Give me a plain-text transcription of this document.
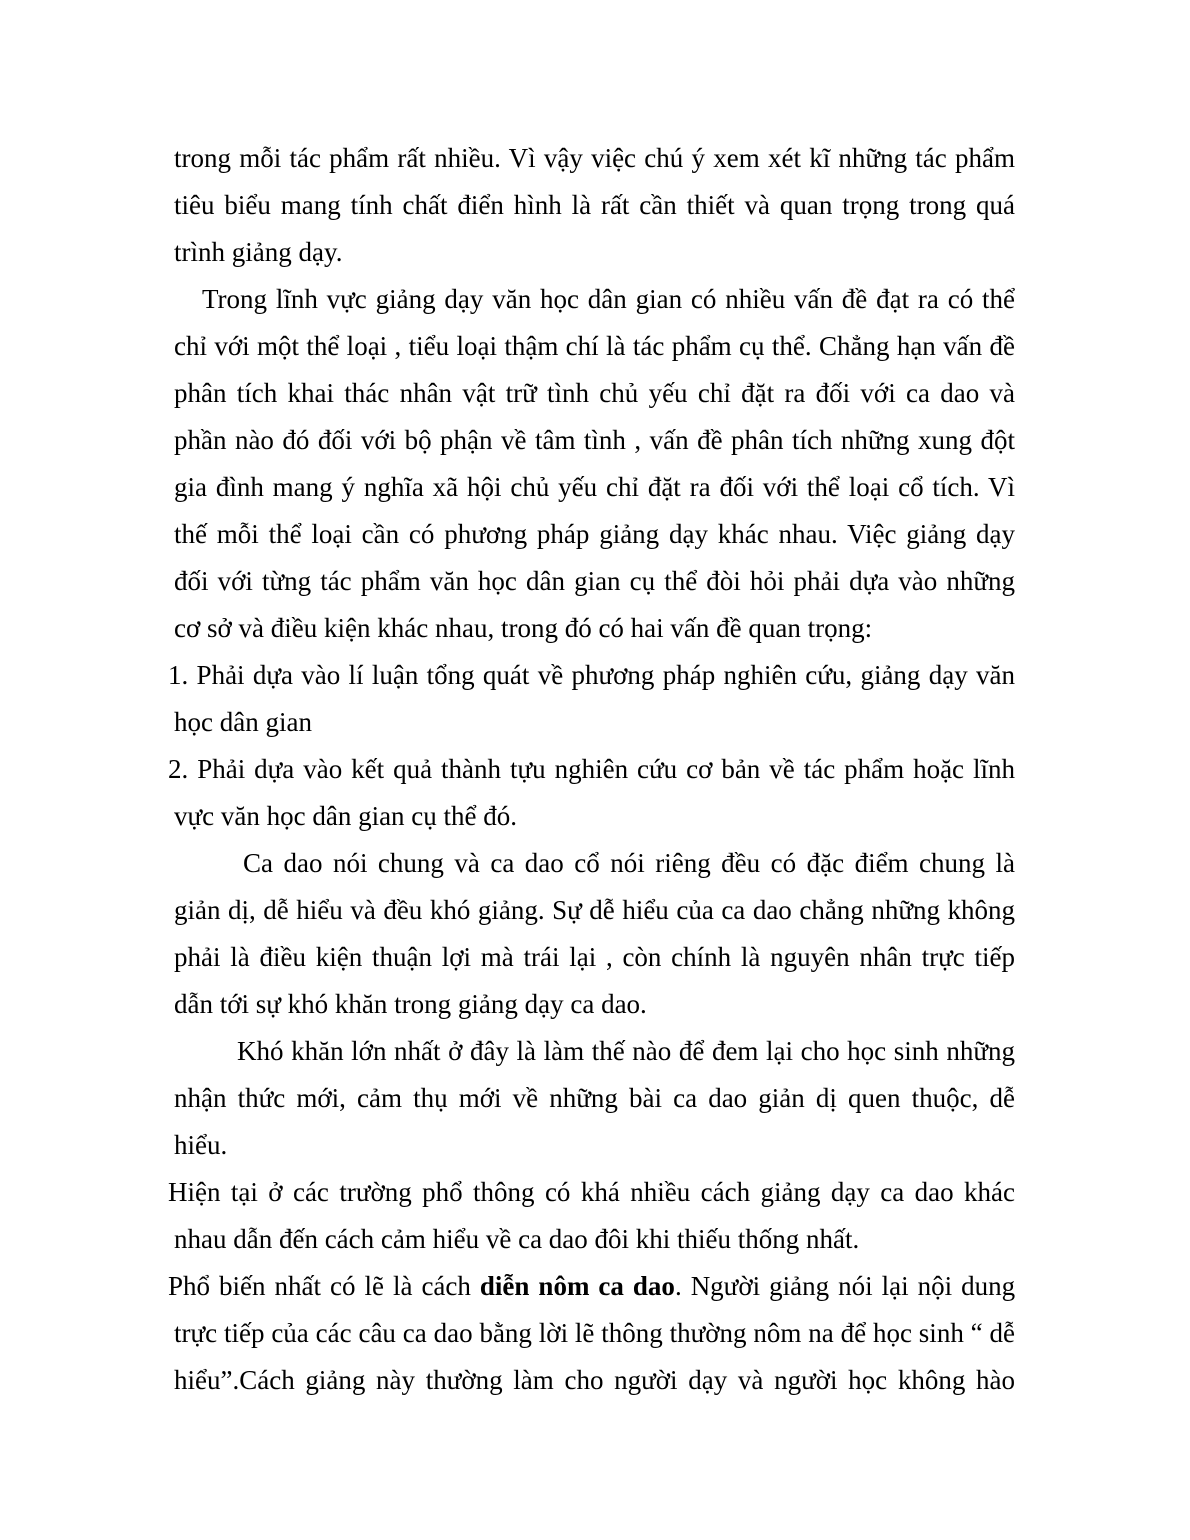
trong mỗi tác phẩm rất nhiều. Vì vậy việc chú ý xem xét kĩ những tác phẩm

tiêu biểu mang tính chất điển hình là rất cần thiết và quan trọng trong quá

trình giảng dạy.

Trong lĩnh vực giảng dạy văn học dân gian có nhiều vấn đề đạt ra có thể

chỉ với một thể loại , tiểu loại thậm chí là tác phẩm cụ thể. Chẳng hạn vấn đề

phân tích khai thác nhân vật trữ tình chủ yếu chỉ đặt ra đối với ca dao và

phần nào đó đối với bộ phận về tâm tình , vấn đề phân tích những xung đột

gia đình mang ý nghĩa xã hội chủ yếu chỉ đặt ra đối với thể loại cổ tích. Vì

thế mỗi thể loại cần có phương pháp giảng dạy khác nhau. Việc giảng dạy

đối với từng tác phẩm văn học dân gian cụ thể đòi hỏi phải dựa vào những

cơ sở và điều kiện khác nhau, trong đó có hai vấn đề quan trọng:

1. Phải dựa vào lí luận tổng quát về phương pháp nghiên cứu, giảng dạy văn

học dân gian

2. Phải dựa vào kết quả thành tựu nghiên cứu cơ bản về tác phẩm hoặc lĩnh

vực văn học dân gian cụ thể đó.

Ca dao nói chung và ca dao cổ nói riêng đều có đặc điểm chung là

giản dị, dễ hiểu và đều khó giảng. Sự dễ hiểu của ca dao chẳng những không

phải là điều kiện thuận lợi mà trái lại , còn chính là nguyên nhân trực tiếp

dẫn tới sự khó khăn trong giảng dạy ca dao.

Khó khăn lớn nhất ở đây là làm thế nào để đem lại cho học sinh những

nhận thức mới, cảm thụ mới về những bài ca dao giản dị quen thuộc, dễ

hiểu.

Hiện tại ở các trường phổ thông có khá nhiều cách giảng dạy ca dao khác

nhau dẫn đến cách cảm hiểu về ca dao đôi khi thiếu thống nhất.

Phổ biến nhất có lẽ là cách diễn nôm ca dao. Người giảng nói lại nội dung

trực tiếp của các câu ca dao bằng lời lẽ thông thường nôm na để học sinh “ dễ

hiểu”.Cách giảng này thường làm cho người dạy và người học không hào
